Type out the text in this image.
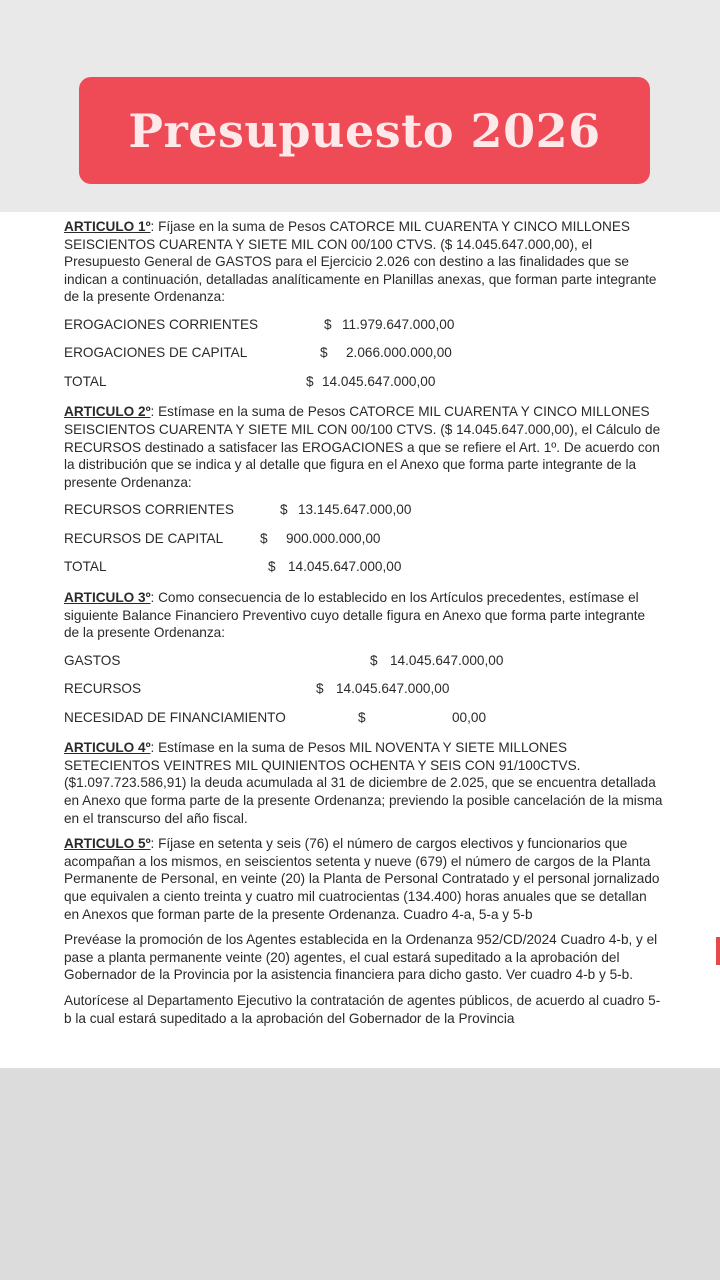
Presupuesto 2026

ARTICULO 1º: Fíjase en la suma de Pesos CATORCE MIL CUARENTA Y CINCO MILLONES SEISCIENTOS CUARENTA Y SIETE MIL CON 00/100 CTVS. ($ 14.045.647.000,00), el Presupuesto General de GASTOS para el Ejercicio 2.026 con destino a las finalidades que se indican a continuación, detalladas analíticamente en Planillas anexas, que forman parte integrante de la presente Ordenanza:

EROGACIONES CORRIENTES	$ 11.979.647.000,00
EROGACIONES DE CAPITAL	$ 2.066.000.000,00
TOTAL	$ 14.045.647.000,00

ARTICULO 2º: Estímase en la suma de Pesos CATORCE MIL CUARENTA Y CINCO MILLONES SEISCIENTOS CUARENTA Y SIETE MIL CON 00/100 CTVS. ($ 14.045.647.000,00), el Cálculo de RECURSOS destinado a satisfacer las EROGACIONES a que se refiere el Art. 1º. De acuerdo con la distribución que se indica y al detalle que figura en el Anexo que forma parte integrante de la presente Ordenanza:

RECURSOS CORRIENTES	$ 13.145.647.000,00
RECURSOS DE CAPITAL	$ 900.000.000,00
TOTAL	$ 14.045.647.000,00

ARTICULO 3º: Como consecuencia de lo establecido en los Artículos precedentes, estímase el siguiente Balance Financiero Preventivo cuyo detalle figura en Anexo que forma parte integrante de la presente Ordenanza:

GASTOS	$ 14.045.647.000,00
RECURSOS	$ 14.045.647.000,00
NECESIDAD DE FINANCIAMIENTO	$	00,00

ARTICULO 4º: Estímase en la suma de Pesos MIL NOVENTA Y SIETE MILLONES SETECIENTOS VEINTRES MIL QUINIENTOS OCHENTA Y SEIS CON 91/100CTVS. ($1.097.723.586,91) la deuda acumulada al 31 de diciembre de 2.025, que se encuentra detallada en Anexo que forma parte de la presente Ordenanza; previendo la posible cancelación de la misma en el transcurso del año fiscal.

ARTICULO 5º: Fíjase en setenta y seis (76) el número de cargos electivos y funcionarios que acompañan a los mismos, en seiscientos setenta y nueve (679) el número de cargos de la Planta Permanente de Personal, en veinte (20) la Planta de Personal Contratado y el personal jornalizado que equivalen a ciento treinta y cuatro mil cuatrocientas (134.400) horas anuales que se detallan en Anexos que forman parte de la presente Ordenanza. Cuadro 4-a, 5-a y 5-b

Prevéase la promoción de los Agentes establecida en la Ordenanza 952/CD/2024 Cuadro 4-b, y el pase a planta permanente veinte (20) agentes, el cual estará supeditado a la aprobación del Gobernador de la Provincia por la asistencia financiera para dicho gasto. Ver cuadro 4-b y 5-b.

Autorícese al Departamento Ejecutivo la contratación de agentes públicos, de acuerdo al cuadro 5-b la cual estará supeditado a la aprobación del Gobernador de la Provincia
